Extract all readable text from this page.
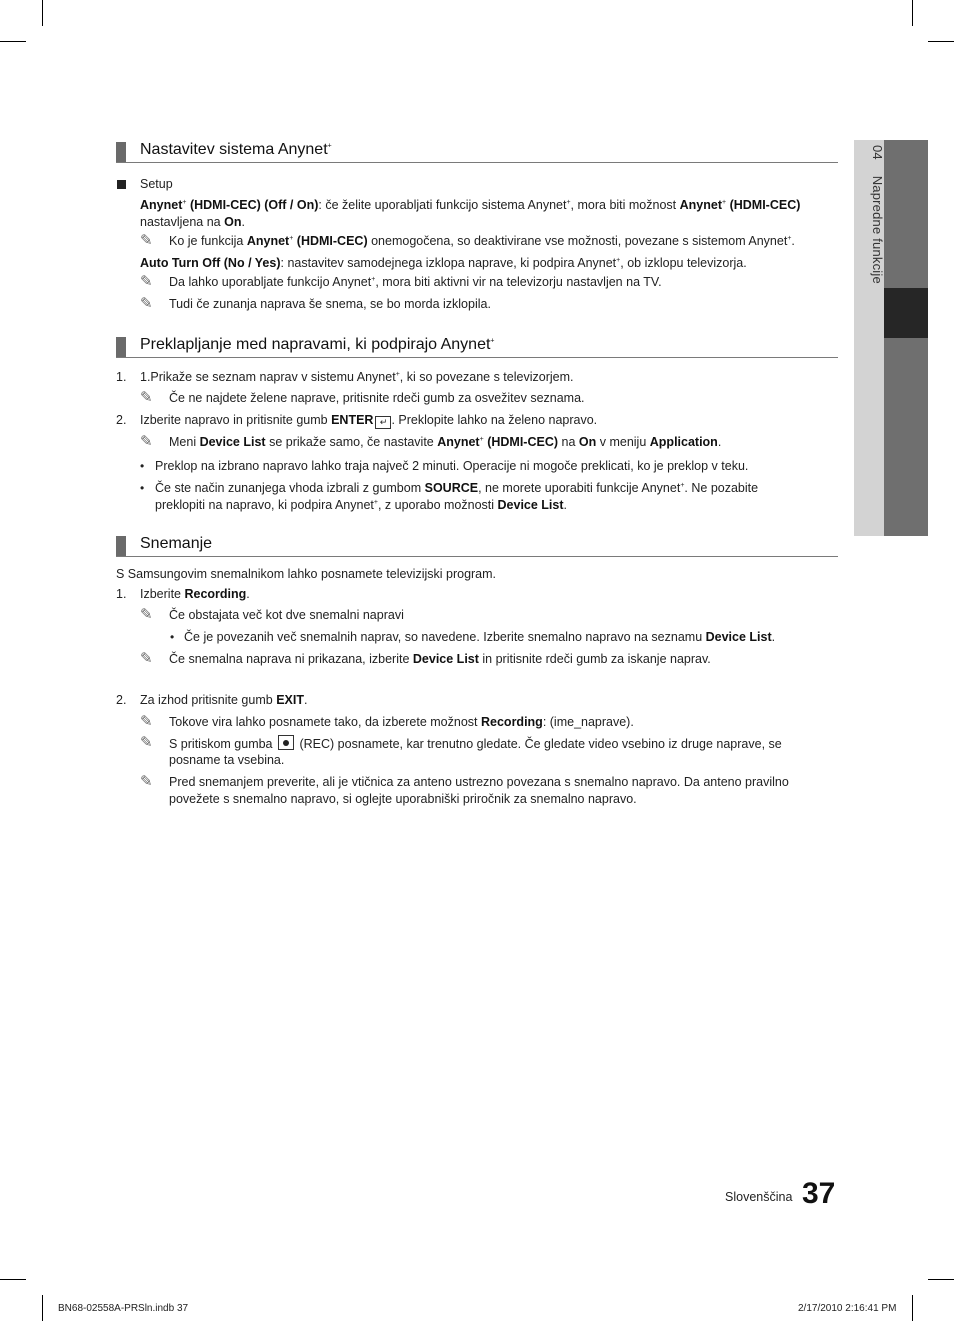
04 Napredne funkcije
Nastavitev sistema Anynet+
Setup
Anynet+ (HDMI-CEC) (Off / On): če želite uporabljati funkcijo sistema Anynet+, mora biti možnost Anynet+ (HDMI-CEC)
nastavljena na On.
✎ Ko je funkcija Anynet+ (HDMI-CEC) onemogočena, so deaktivirane vse možnosti, povezane s sistemom Anynet+.
Auto Turn Off (No / Yes): nastavitev samodejnega izklopa naprave, ki podpira Anynet+, ob izklopu televizorja.
✎ Da lahko uporabljate funkcijo Anynet+, mora biti aktivni vir na televizorju nastavljen na TV.
✎ Tudi če zunanja naprava še snema, se bo morda izklopila.
Preklapljanje med napravami, ki podpirajo Anynet+
1. 1.Prikaže se seznam naprav v sistemu Anynet+, ki so povezane s televizorjem.
✎ Če ne najdete želene naprave, pritisnite rdeči gumb za osvežitev seznama.
2. Izberite napravo in pritisnite gumb ENTER ↵ . Preklopite lahko na želeno napravo.
✎ Meni Device List se prikaže samo, če nastavite Anynet+ (HDMI-CEC) na On v meniju Application.
• Preklop na izbrano napravo lahko traja največ 2 minuti. Operacije ni mogoče preklicati, ko je preklop v teku.
• Če ste način zunanjega vhoda izbrali z gumbom SOURCE, ne morete uporabiti funkcije Anynet+. Ne pozabite
preklopiti na napravo, ki podpira Anynet+, z uporabo možnosti Device List.
Snemanje
S Samsungovim snemalnikom lahko posnamete televizijski program.
1. Izberite Recording.
✎ Če obstajata več kot dve snemalni napravi
• Če je povezanih več snemalnih naprav, so navedene. Izberite snemalno napravo na seznamu Device List.
✎ Če snemalna naprava ni prikazana, izberite Device List in pritisnite rdeči gumb za iskanje naprav.
2. Za izhod pritisnite gumb EXIT.
✎ Tokove vira lahko posnamete tako, da izberete možnost Recording: (ime_naprave).
✎ S pritiskom gumba (REC) posnamete, kar trenutno gledate. Če gledate video vsebino iz druge naprave, se
posname ta vsebina.
✎ Pred snemanjem preverite, ali je vtičnica za anteno ustrezno povezana s snemalno napravo. Da anteno pravilno
povežete s snemalno napravo, si oglejte uporabniški priročnik za snemalno napravo.
Slovenščina 37
BN68-02558A-PRSln.indb 37	2/17/2010 2:16:41 PM
